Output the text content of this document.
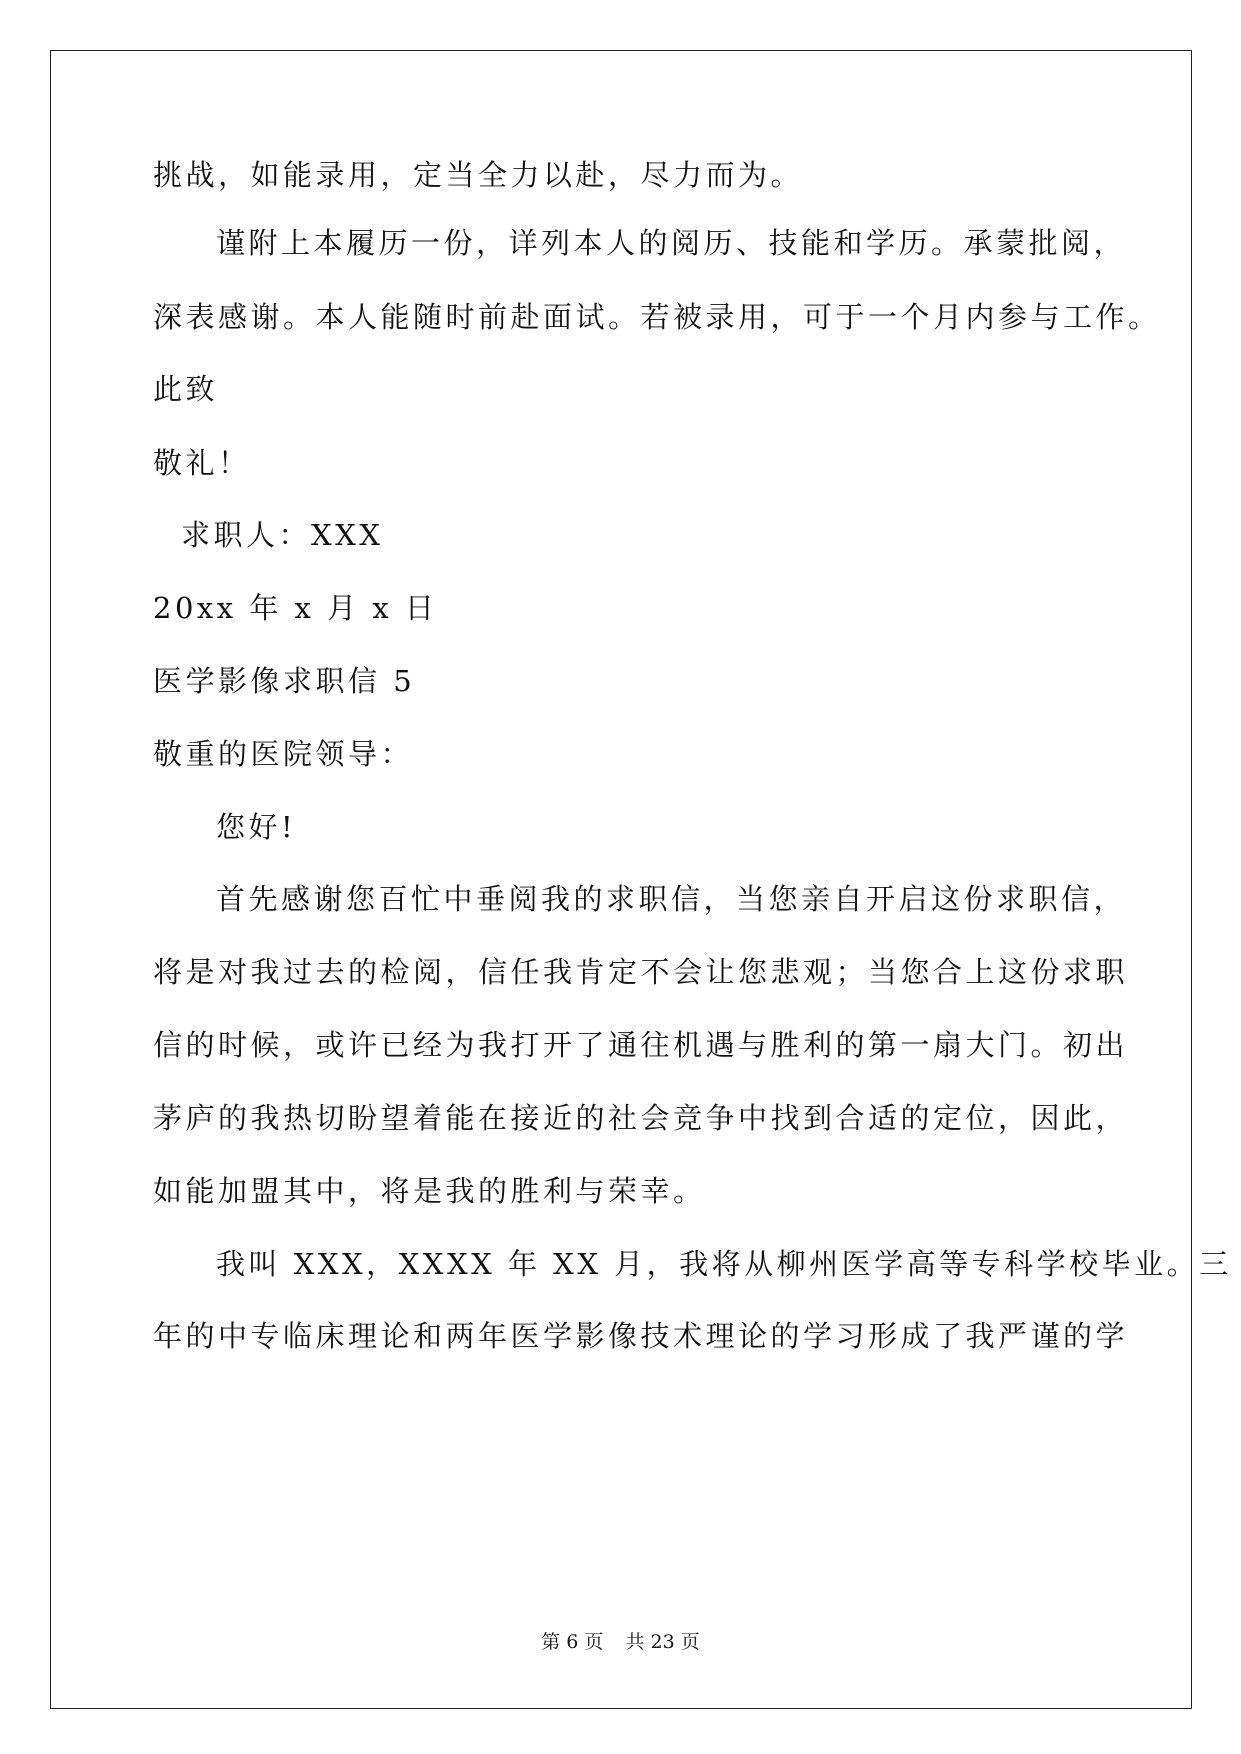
挑战，如能录用，定当全力以赴，尽力而为。
谨附上本履历一份，详列本人的阅历、技能和学历。承蒙批阅，
深表感谢。本人能随时前赴面试。若被录用，可于一个月内参与工作。
此致
敬礼！
求职人：XXX
20xx 年 x 月 x 日
医学影像求职信 5
敬重的医院领导：
您好!
首先感谢您百忙中垂阅我的求职信，当您亲自开启这份求职信，
将是对我过去的检阅，信任我肯定不会让您悲观；当您合上这份求职
信的时候，或许已经为我打开了通往机遇与胜利的第一扇大门。初出
茅庐的我热切盼望着能在接近的社会竞争中找到合适的定位，因此，
如能加盟其中，将是我的胜利与荣幸。
我叫 XXX，XXXX 年 XX 月，我将从柳州医学高等专科学校毕业。三
年的中专临床理论和两年医学影像技术理论的学习形成了我严谨的学
第 6 页 共 23 页
